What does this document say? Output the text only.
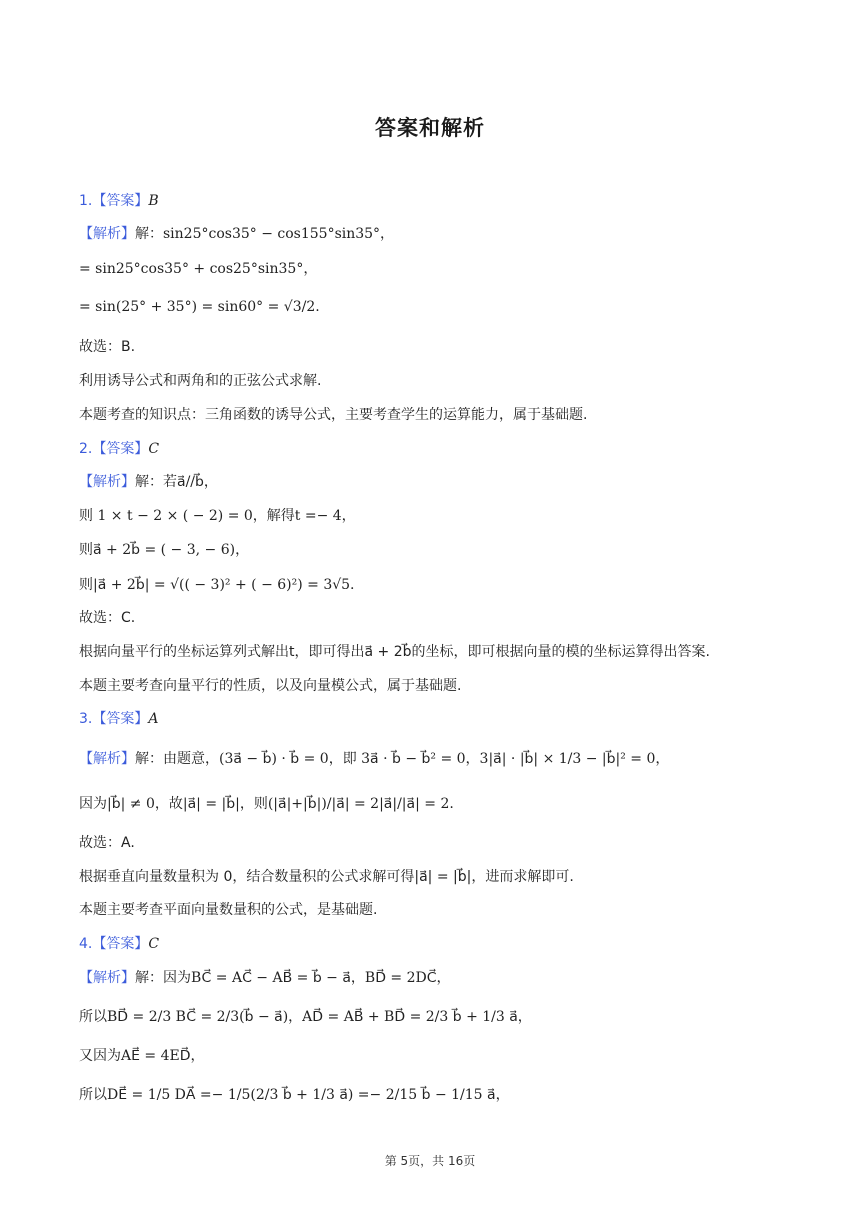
答案和解析
1.【答案】B
【解析】解：sin25°cos35° − cos155°sin35°，
= sin25°cos35° + cos25°sin35°，
= sin(25° + 35°) = sin60° = √3/2.
故选：B.
利用诱导公式和两角和的正弦公式求解.
本题考查的知识点：三角函数的诱导公式，主要考查学生的运算能力，属于基础题.
2.【答案】C
【解析】解：若a⃗//b⃗，
则 1 × t − 2 × ( − 2) = 0，解得t =− 4，
则a⃗ + 2b⃗ = ( − 3, − 6)，
则|a⃗ + 2b⃗| = √(( − 3)² + ( − 6)²) = 3√5.
故选：C.
根据向量平行的坐标运算列式解出t，即可得出a⃗ + 2b⃗的坐标，即可根据向量的模的坐标运算得出答案.
本题主要考查向量平行的性质，以及向量模公式，属于基础题.
3.【答案】A
【解析】解：由题意，(3a⃗ − b⃗) · b⃗ = 0，即 3a⃗ · b⃗ − b⃗² = 0，3|a⃗| · |b⃗| × 1/3 − |b⃗|² = 0，
因为|b⃗| ≠ 0，故|a⃗| = |b⃗|，则(|a⃗|+|b⃗|)/|a⃗| = 2|a⃗|/|a⃗| = 2.
故选：A.
根据垂直向量数量积为 0，结合数量积的公式求解可得|a⃗| = |b⃗|，进而求解即可.
本题主要考查平面向量数量积的公式，是基础题.
4.【答案】C
【解析】解：因为BC⃗ = AC⃗ − AB⃗ = b⃗ − a⃗，BD⃗ = 2DC⃗，
所以BD⃗ = 2/3 BC⃗ = 2/3(b⃗ − a⃗)，AD⃗ = AB⃗ + BD⃗ = 2/3 b⃗ + 1/3 a⃗，
又因为AE⃗ = 4ED⃗，
所以DE⃗ = 1/5 DA⃗ =− 1/5(2/3 b⃗ + 1/3 a⃗) =− 2/15 b⃗ − 1/15 a⃗，
第 5页，共 16页
